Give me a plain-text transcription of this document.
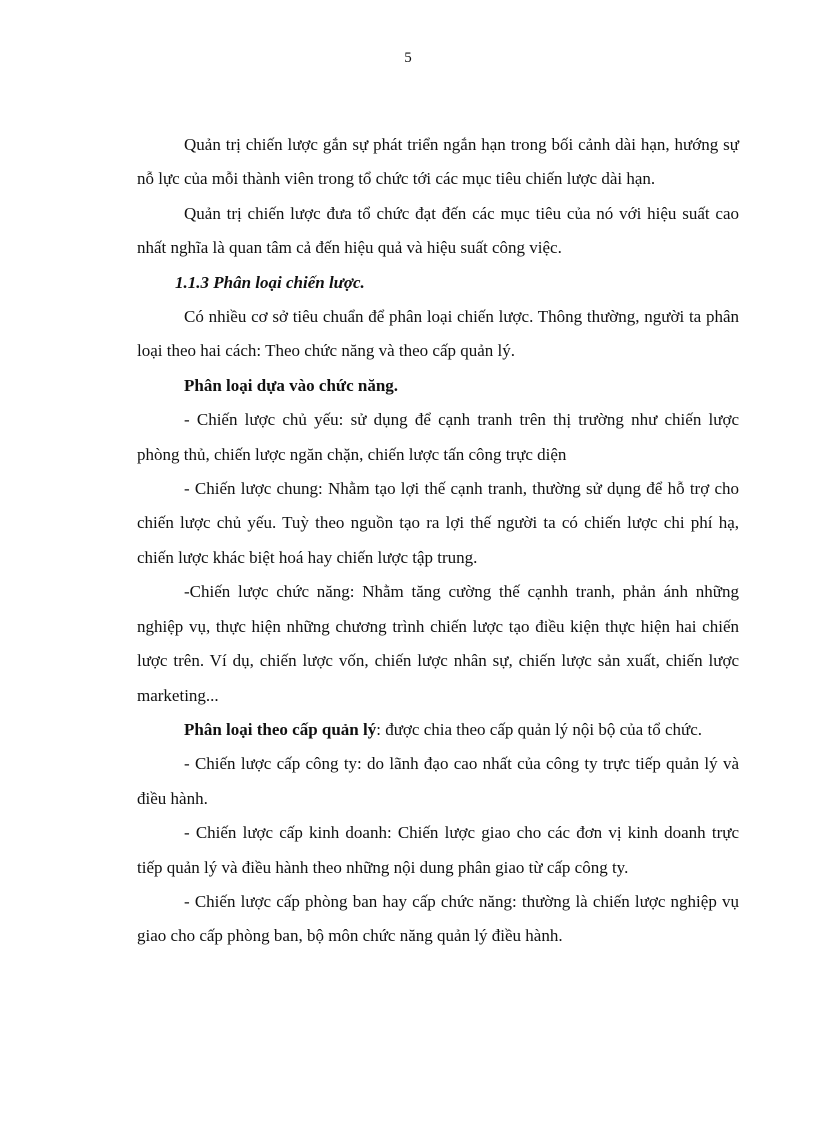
5

Quản trị chiến lược gắn sự phát triển ngắn hạn trong bối cảnh dài hạn, hướng sự nỗ lực của mỗi thành viên trong tổ chức tới các mục tiêu chiến lược dài hạn.

Quản trị chiến lược đưa tổ chức đạt đến các mục tiêu của nó với hiệu suất cao nhất nghĩa là quan tâm cả đến hiệu quả và hiệu suất công việc.

1.1.3 Phân loại chiến lược.

Có nhiều cơ sở tiêu chuẩn để phân loại chiến lược. Thông thường, người ta phân loại theo hai cách: Theo chức năng và theo cấp quản lý.

Phân loại dựa vào chức năng.

- Chiến lược chủ yếu: sử dụng để cạnh tranh trên thị trường như chiến lược phòng thủ, chiến lược ngăn chặn, chiến lược tấn công trực diện

- Chiến lược chung: Nhằm tạo lợi thế cạnh tranh, thường sử dụng để hỗ trợ cho chiến lược chủ yếu. Tuỳ theo nguồn tạo ra lợi thế người ta có chiến lược chi phí hạ, chiến lược khác biệt hoá hay chiến lược tập trung.

-Chiến lược chức năng: Nhằm tăng cường thế cạnhh tranh, phản ánh những nghiệp vụ, thực hiện những chương trình chiến lược tạo điều kiện thực hiện hai chiến lược trên. Ví dụ, chiến lược vốn, chiến lược nhân sự, chiến lược sản xuất, chiến lược marketing...

Phân loại theo cấp quản lý: được chia theo cấp quản lý nội bộ của tổ chức.

- Chiến lược cấp công ty: do lãnh đạo cao nhất của công ty trực tiếp quản lý và điều hành.

- Chiến lược cấp kinh doanh: Chiến lược giao cho các đơn vị kinh doanh trực tiếp quản lý và điều hành theo những nội dung phân giao từ cấp công ty.

- Chiến lược cấp phòng ban hay cấp chức năng: thường là chiến lược nghiệp vụ giao cho cấp phòng ban, bộ môn chức năng quản lý điều hành.
